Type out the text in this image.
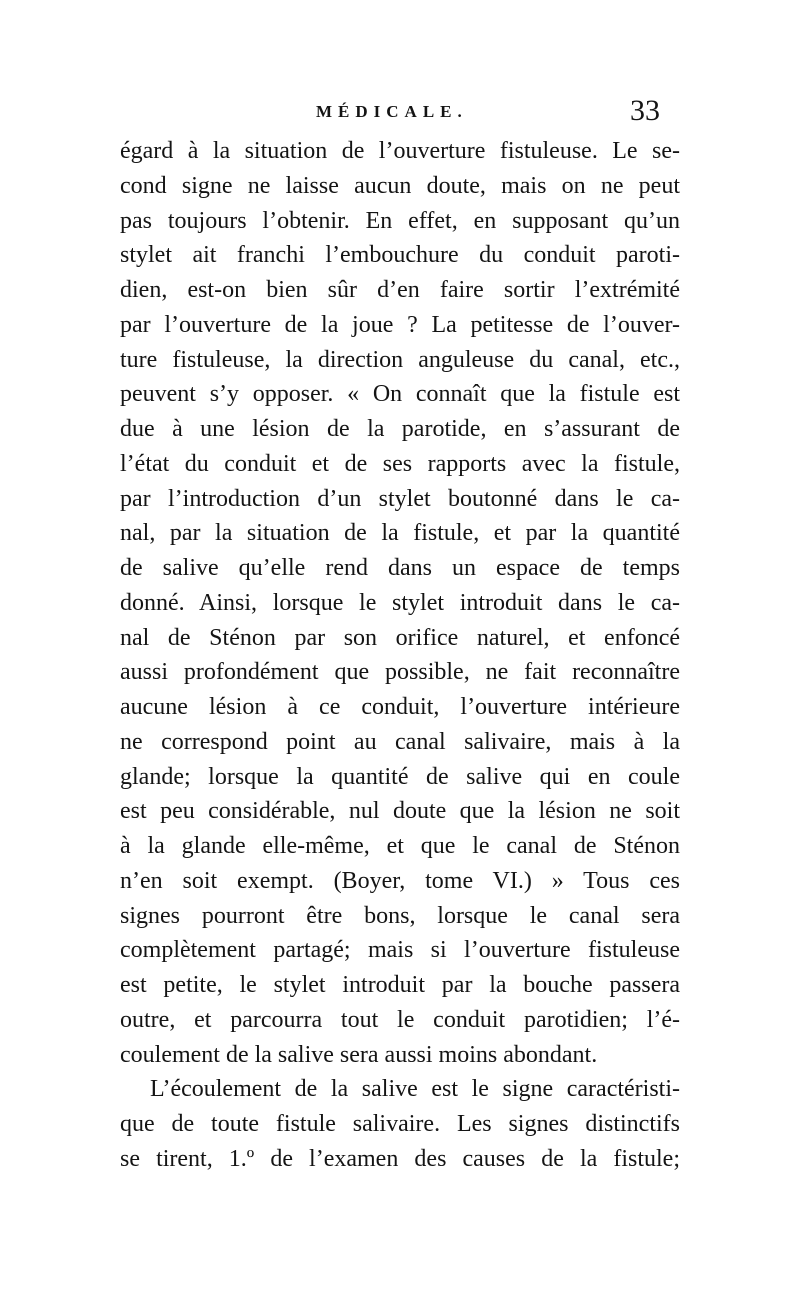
MÉDICALE.	33
égard à la situation de l’ouverture fistuleuse. Le se-
cond signe ne laisse aucun doute, mais on ne peut
pas toujours l’obtenir. En effet, en supposant qu’un
stylet ait franchi l’embouchure du conduit paroti-
dien, est-on bien sûr d’en faire sortir l’extrémité
par l’ouverture de la joue ? La petitesse de l’ouver-
ture fistuleuse, la direction anguleuse du canal, etc.,
peuvent s’y opposer. « On connaît que la fistule est
due à une lésion de la parotide, en s’assurant de
l’état du conduit et de ses rapports avec la fistule,
par l’introduction d’un stylet boutonné dans le ca-
nal, par la situation de la fistule, et par la quantité
de salive qu’elle rend dans un espace de temps
donné. Ainsi, lorsque le stylet introduit dans le ca-
nal de Sténon par son orifice naturel, et enfoncé
aussi profondément que possible, ne fait reconnaître
aucune lésion à ce conduit, l’ouverture intérieure
ne correspond point au canal salivaire, mais à la
glande; lorsque la quantité de salive qui en coule
est peu considérable, nul doute que la lésion ne soit
à la glande elle-même, et que le canal de Sténon
n’en soit exempt. (Boyer, tome VI.) » Tous ces
signes pourront être bons, lorsque le canal sera
complètement partagé; mais si l’ouverture fistuleuse
est petite, le stylet introduit par la bouche passera
outre, et parcourra tout le conduit parotidien; l’é-
coulement de la salive sera aussi moins abondant.
L’écoulement de la salive est le signe caractéristi-
que de toute fistule salivaire. Les signes distinctifs
se tirent, 1.º de l’examen des causes de la fistule;
